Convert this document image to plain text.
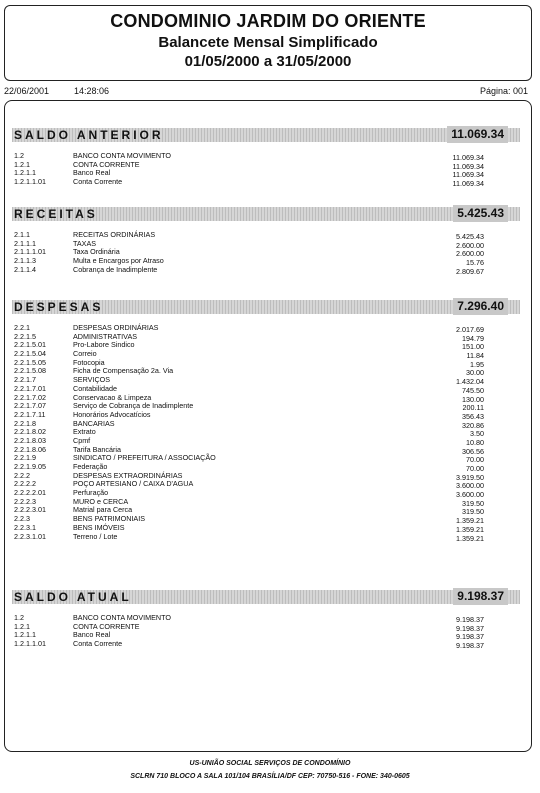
CONDOMINIO JARDIM DO ORIENTE
Balancete Mensal Simplificado
01/05/2000 a 31/05/2000
22/06/2001	14:28:06	Página: 001
SALDO ANTERIOR	11.069.34
1.2	BANCO CONTA MOVIMENTO	11.069.34
1.2.1	CONTA CORRENTE	11.069.34
1.2.1.1	Banco Real	11.069.34
1.2.1.1.01	Conta Corrente	11.069.34
RECEITAS	5.425.43
2.1.1	RECEITAS ORDINÁRIAS	5.425.43
2.1.1.1	TAXAS	2.600.00
2.1.1.1.01	Taxa Ordinária	2.600.00
2.1.1.3	Multa e Encargos por Atraso	15.76
2.1.1.4	Cobrança de Inadimplente	2.809.67
DESPESAS	7.296.40
2.2.1	DESPESAS ORDINÁRIAS	2.017.69
2.2.1.5	ADMINISTRATIVAS	194.79
2.2.1.5.01	Pro-Labore Sindico	151.00
2.2.1.5.04	Correio	11.84
2.2.1.5.05	Fotocopia	1.95
2.2.1.5.08	Ficha de Compensação 2a. Via	30.00
2.2.1.7	SERVIÇOS	1.432.04
2.2.1.7.01	Contabilidade	745.50
2.2.1.7.02	Conservacao & Limpeza	130.00
2.2.1.7.07	Serviço de Cobrança de Inadimplente	200.11
2.2.1.7.11	Honorários Advocatícios	356.43
2.2.1.8	BANCARIAS	320.86
2.2.1.8.02	Extrato	3.50
2.2.1.8.03	Cpmf	10.80
2.2.1.8.06	Tarifa Bancária	306.56
2.2.1.9	SINDICATO / PREFEITURA / ASSOCIAÇÃO	70.00
2.2.1.9.05	Federação	70.00
2.2.2	DESPESAS EXTRAORDINÁRIAS	3.919.50
2.2.2.2	POÇO ARTESIANO / CAIXA D'AGUA	3.600.00
2.2.2.2.01	Perfuração	3.600.00
2.2.2.3	MURO e CERCA	319.50
2.2.2.3.01	Matrial para Cerca	319.50
2.2.3	BENS PATRIMONIAIS	1.359.21
2.2.3.1	BENS IMÓVEIS	1.359.21
2.2.3.1.01	Terreno / Lote	1.359.21
SALDO ATUAL	9.198.37
1.2	BANCO CONTA MOVIMENTO	9.198.37
1.2.1	CONTA CORRENTE	9.198.37
1.2.1.1	Banco Real	9.198.37
1.2.1.1.01	Conta Corrente	9.198.37
US-UNIÃO SOCIAL SERVIÇOS DE CONDOMÍNIO
SCLRN 710 BLOCO A SALA 101/104 BRASÍLIA/DF CEP: 70750-516 - FONE: 340-0605
